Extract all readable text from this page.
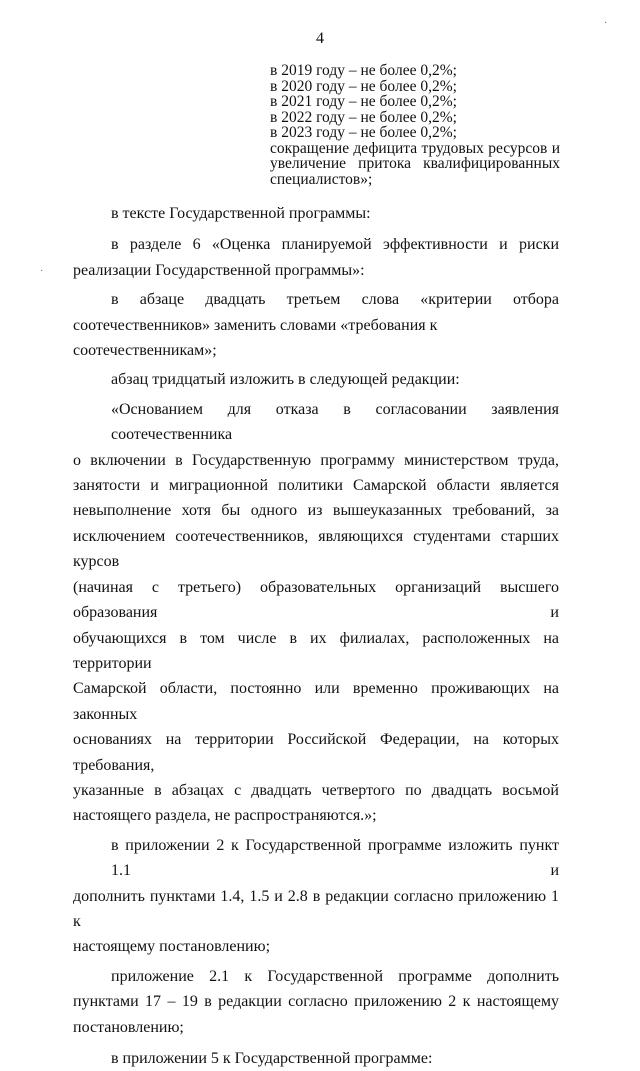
4
в 2019 году – не более 0,2%;
в 2020 году – не более 0,2%;
в 2021 году – не более 0,2%;
в 2022 году – не более 0,2%;
в 2023 году – не более 0,2%;
сокращение дефицита трудовых ресурсов и
увеличение притока квалифицированных
специалистов»;
в тексте Государственной программы:
в разделе 6 «Оценка планируемой эффективности и риски
реализации Государственной программы»:
в абзаце двадцать третьем слова «критерии отбора
соотечественников» заменить словами «требования к соотечественникам»;
абзац тридцатый изложить в следующей редакции:
«Основанием для отказа в согласовании заявления соотечественника
о включении в Государственную программу министерством труда,
занятости и миграционной политики Самарской области является
невыполнение хотя бы одного из вышеуказанных требований, за
исключением соотечественников, являющихся студентами старших курсов
(начиная с третьего) образовательных организаций высшего образования и
обучающихся в том числе в их филиалах, расположенных на территории
Самарской области, постоянно или временно проживающих на законных
основаниях на территории Российской Федерации, на которых требования,
указанные в абзацах с двадцать четвертого по двадцать восьмой
настоящего раздела, не распространяются.»;
в приложении 2 к Государственной программе изложить пункт 1.1 и
дополнить пунктами 1.4, 1.5 и 2.8 в редакции согласно приложению 1 к
настоящему постановлению;
приложение 2.1 к Государственной программе дополнить
пунктами 17 – 19 в редакции согласно приложению 2 к настоящему
постановлению;
в приложении 5 к Государственной программе:
·
·
